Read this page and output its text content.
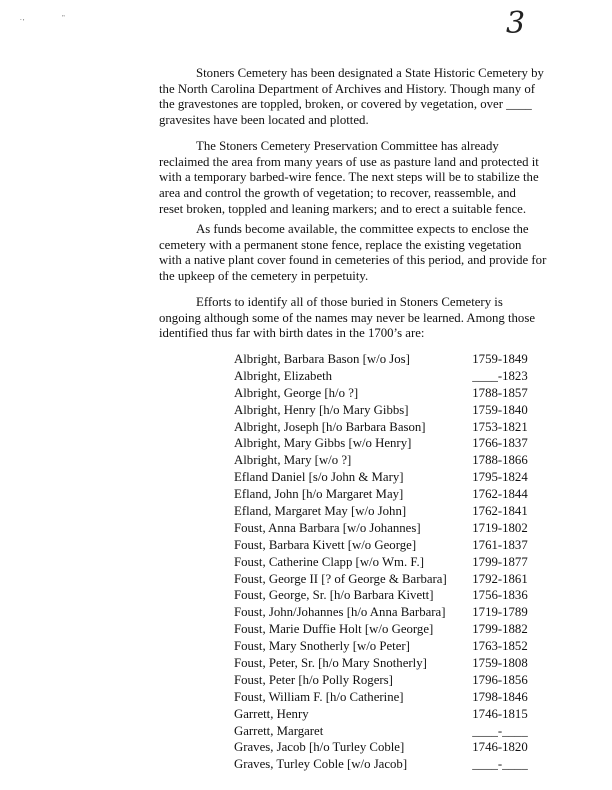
3
.,	"

Stoners Cemetery has been designated a State Historic Cemetery by
the North Carolina Department of Archives and History. Though many of
the gravestones are toppled, broken, or covered by vegetation, over ____
gravesites have been located and plotted.

The Stoners Cemetery Preservation Committee has already
reclaimed the area from many years of use as pasture land and protected it
with a temporary barbed-wire fence. The next steps will be to stabilize the
area and control the growth of vegetation; to recover, reassemble, and
reset broken, toppled and leaning markers; and to erect a suitable fence.

As funds become available, the committee expects to enclose the
cemetery with a permanent stone fence, replace the existing vegetation
with a native plant cover found in cemeteries of this period, and provide for
the upkeep of the cemetery in perpetuity.

Efforts to identify all of those buried in Stoners Cemetery is
ongoing although some of the names may never be learned. Among those
identified thus far with birth dates in the 1700’s are:

Albright, Barbara Bason [w/o Jos]	1759-1849
Albright, Elizabeth	____-1823
Albright, George [h/o ?]	1788-1857
Albright, Henry [h/o Mary Gibbs]	1759-1840
Albright, Joseph [h/o Barbara Bason]	1753-1821
Albright, Mary Gibbs [w/o Henry]	1766-1837
Albright, Mary [w/o ?]	1788-1866
Efland Daniel [s/o John & Mary]	1795-1824
Efland, John [h/o Margaret May]	1762-1844
Efland, Margaret May [w/o John]	1762-1841
Foust, Anna Barbara [w/o Johannes]	1719-1802
Foust, Barbara Kivett [w/o George]	1761-1837
Foust, Catherine Clapp [w/o Wm. F.]	1799-1877
Foust, George II [? of George & Barbara] 1792-1861
Foust, George, Sr. [h/o Barbara Kivett]	1756-1836
Foust, John/Johannes [h/o Anna Barbara] 1719-1789
Foust, Marie Duffie Holt [w/o George]	1799-1882
Foust, Mary Snotherly [w/o Peter]	1763-1852
Foust, Peter, Sr. [h/o Mary Snotherly]	1759-1808
Foust, Peter [h/o Polly Rogers]	1796-1856
Foust, William F. [h/o Catherine]	1798-1846
Garrett, Henry	1746-1815
Garrett, Margaret	____-____
Graves, Jacob [h/o Turley Coble]	1746-1820
Graves, Turley Coble [w/o Jacob]	____-____
